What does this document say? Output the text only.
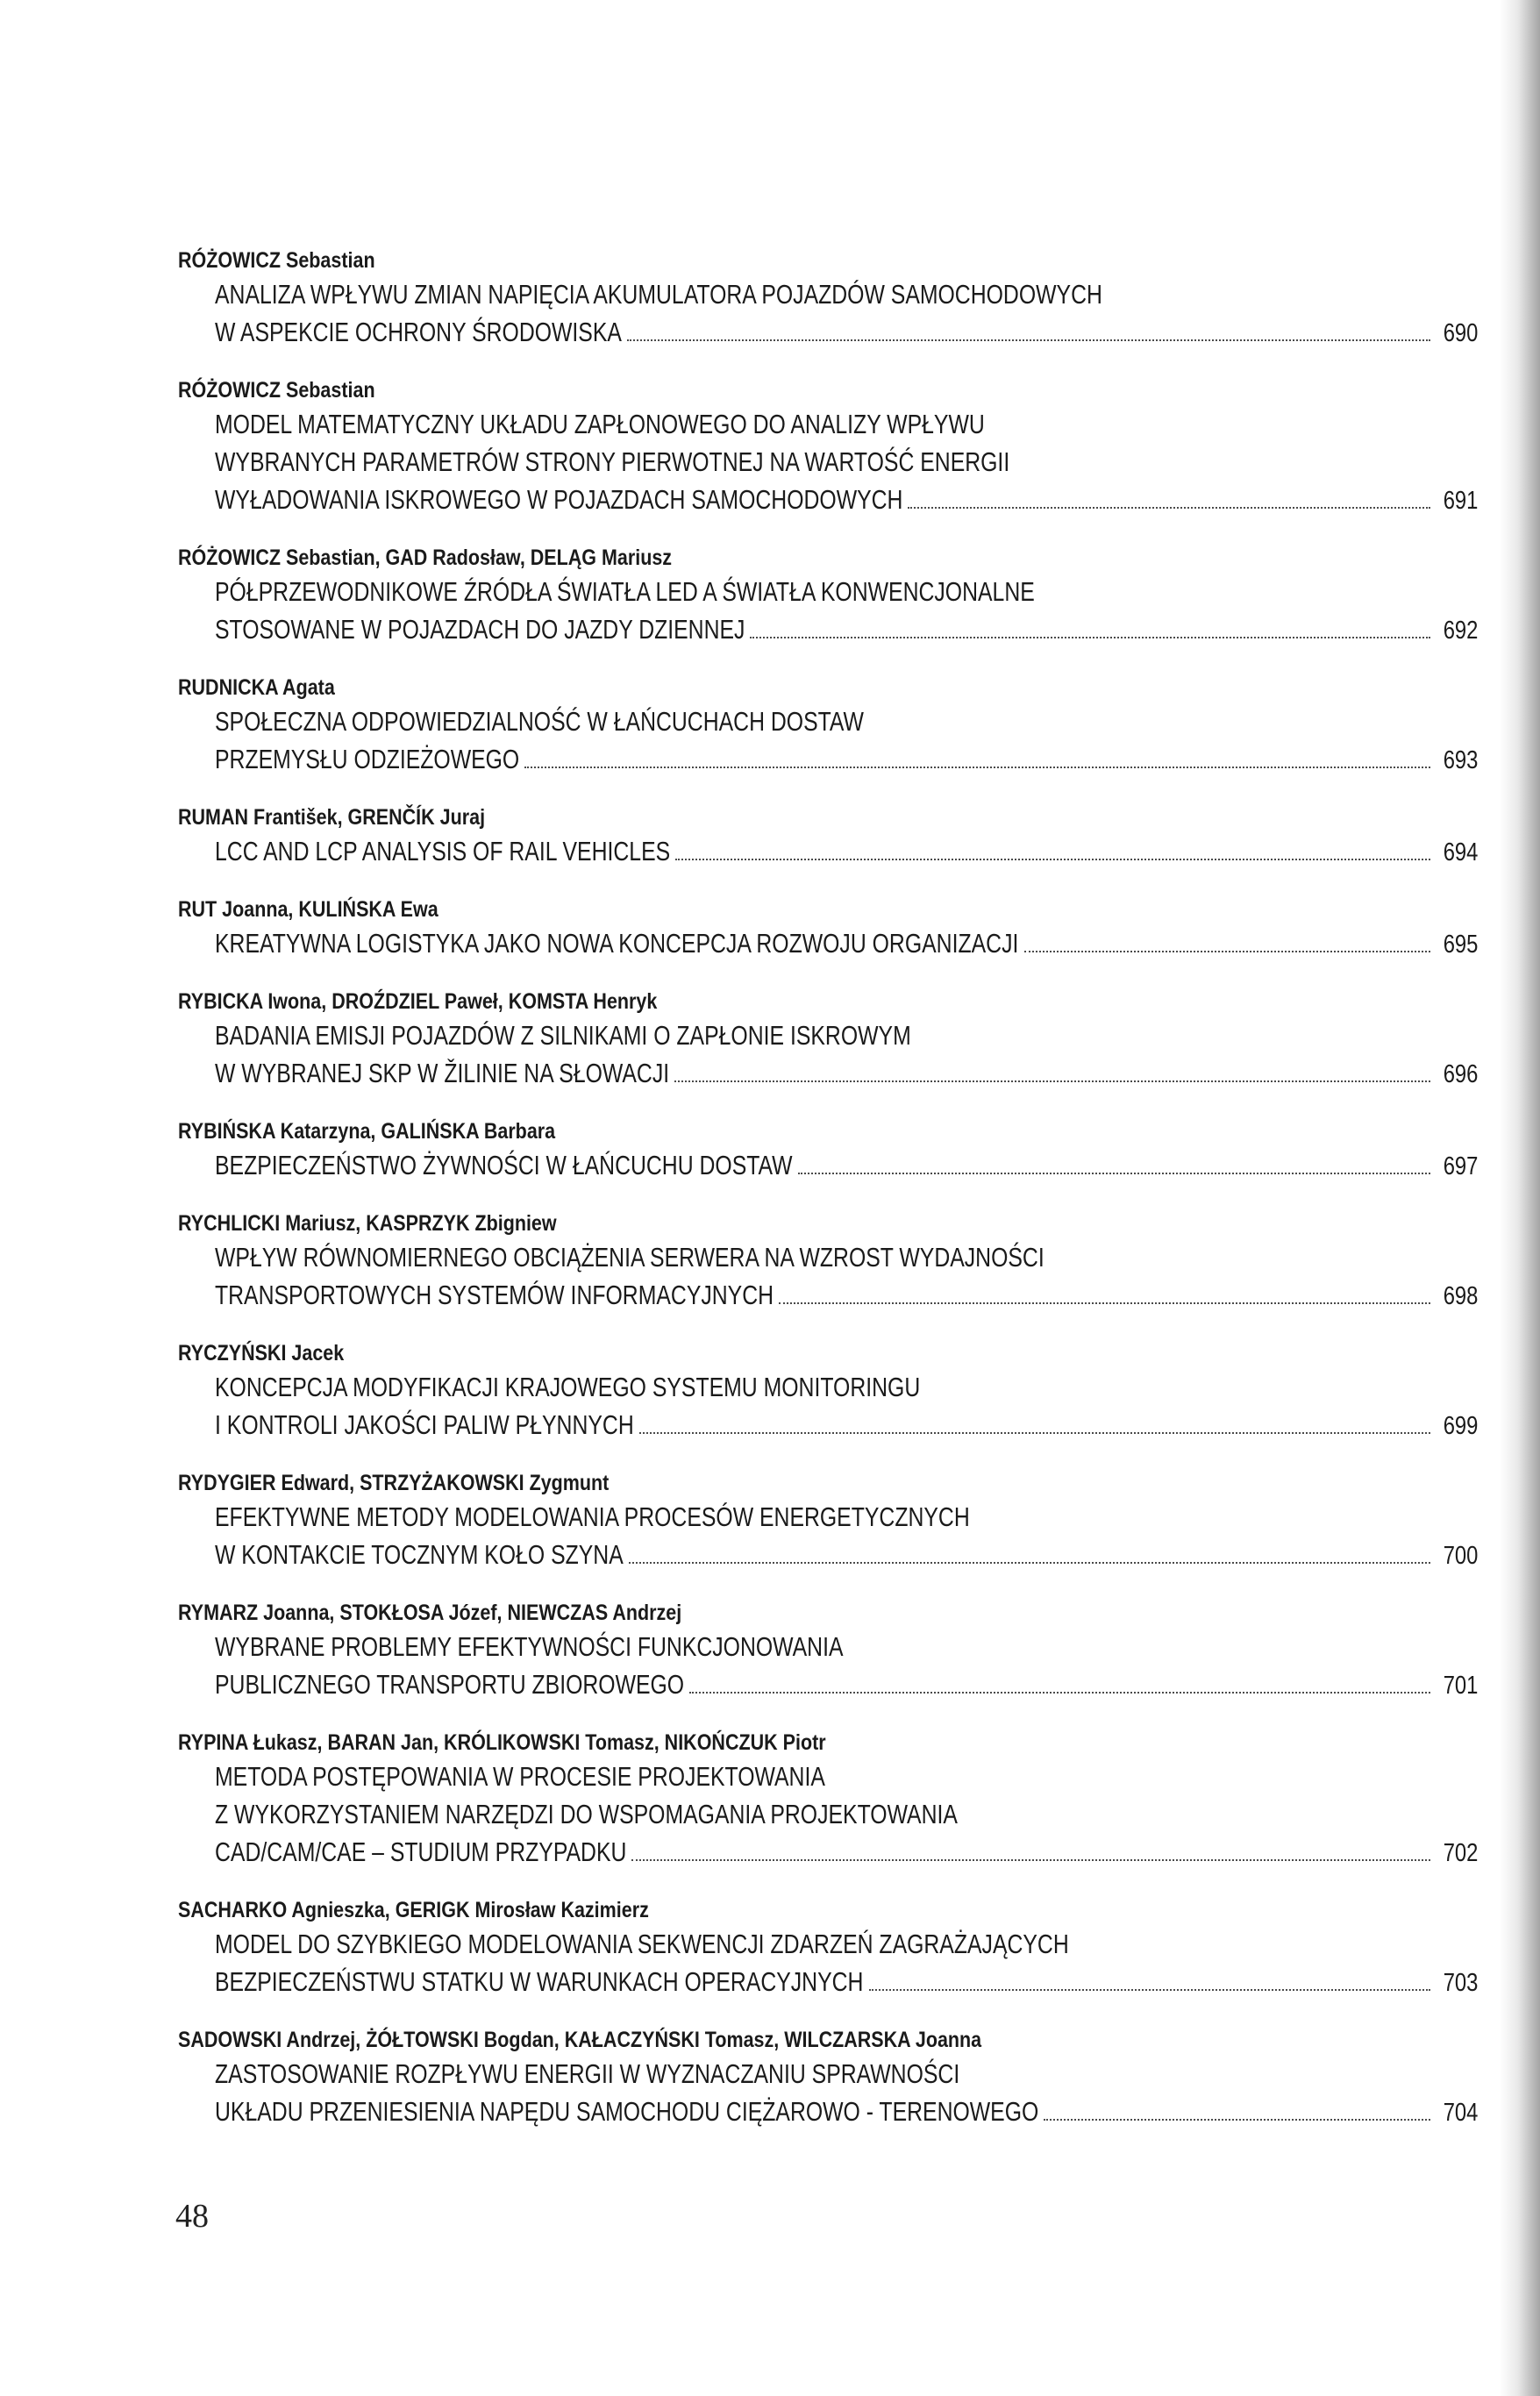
RÓŻOWICZ Sebastian
ANALIZA WPŁYWU ZMIAN NAPIĘCIA AKUMULATORA POJAZDÓW SAMOCHODOWYCH
W ASPEKCIE OCHRONY ŚRODOWISKA	690
RÓŻOWICZ Sebastian
MODEL MATEMATYCZNY UKŁADU ZAPŁONOWEGO DO ANALIZY WPŁYWU
WYBRANYCH PARAMETRÓW STRONY PIERWOTNEJ NA WARTOŚĆ ENERGII
WYŁADOWANIA ISKROWEGO W POJAZDACH SAMOCHODOWYCH	691
RÓŻOWICZ Sebastian, GAD Radosław, DELĄG Mariusz
PÓŁPRZEWODNIKOWE ŹRÓDŁA ŚWIATŁA LED A ŚWIATŁA KONWENCJONALNE
STOSOWANE W POJAZDACH DO JAZDY DZIENNEJ	692
RUDNICKA Agata
SPOŁECZNA ODPOWIEDZIALNOŚĆ W ŁAŃCUCHACH DOSTAW
PRZEMYSŁU ODZIEŻOWEGO	693
RUMAN František, GRENČÍK Juraj
LCC AND LCP ANALYSIS OF RAIL VEHICLES	694
RUT Joanna, KULIŃSKA Ewa
KREATYWNA LOGISTYKA JAKO NOWA KONCEPCJA ROZWOJU ORGANIZACJI	695
RYBICKA Iwona, DROŹDZIEL Paweł, KOMSTA Henryk
BADANIA EMISJI POJAZDÓW Z SILNIKAMI O ZAPŁONIE ISKROWYM
W WYBRANEJ SKP W ŽILINIE NA SŁOWACJI	696
RYBIŃSKA Katarzyna, GALIŃSKA Barbara
BEZPIECZEŃSTWO ŻYWNOŚCI W ŁAŃCUCHU DOSTAW	697
RYCHLICKI Mariusz, KASPRZYK Zbigniew
WPŁYW RÓWNOMIERNEGO OBCIĄŻENIA SERWERA NA WZROST WYDAJNOŚCI
TRANSPORTOWYCH SYSTEMÓW INFORMACYJNYCH	698
RYCZYŃSKI Jacek
KONCEPCJA MODYFIKACJI KRAJOWEGO SYSTEMU MONITORINGU
I KONTROLI JAKOŚCI PALIW PŁYNNYCH	699
RYDYGIER Edward, STRZYŻAKOWSKI Zygmunt
EFEKTYWNE METODY MODELOWANIA PROCESÓW ENERGETYCZNYCH
W KONTAKCIE TOCZNYM KOŁO SZYNA	700
RYMARZ Joanna, STOKŁOSA Józef, NIEWCZAS Andrzej
WYBRANE PROBLEMY EFEKTYWNOŚCI FUNKCJONOWANIA
PUBLICZNEGO TRANSPORTU ZBIOROWEGO	701
RYPINA Łukasz, BARAN Jan, KRÓLIKOWSKI Tomasz, NIKOŃCZUK Piotr
METODA POSTĘPOWANIA W PROCESIE PROJEKTOWANIA
Z WYKORZYSTANIEM NARZĘDZI DO WSPOMAGANIA PROJEKTOWANIA
CAD/CAM/CAE – STUDIUM PRZYPADKU	702
SACHARKO Agnieszka, GERIGK Mirosław Kazimierz
MODEL DO SZYBKIEGO MODELOWANIA SEKWENCJI ZDARZEŃ ZAGRAŻAJĄCYCH
BEZPIECZEŃSTWU STATKU W WARUNKACH OPERACYJNYCH	703
SADOWSKI Andrzej, ŻÓŁTOWSKI Bogdan, KAŁACZYŃSKI Tomasz, WILCZARSKA Joanna
ZASTOSOWANIE ROZPŁYWU ENERGII W WYZNACZANIU SPRAWNOŚCI
UKŁADU PRZENIESIENIA NAPĘDU SAMOCHODU CIĘŻAROWO - TERENOWEGO	704
48
